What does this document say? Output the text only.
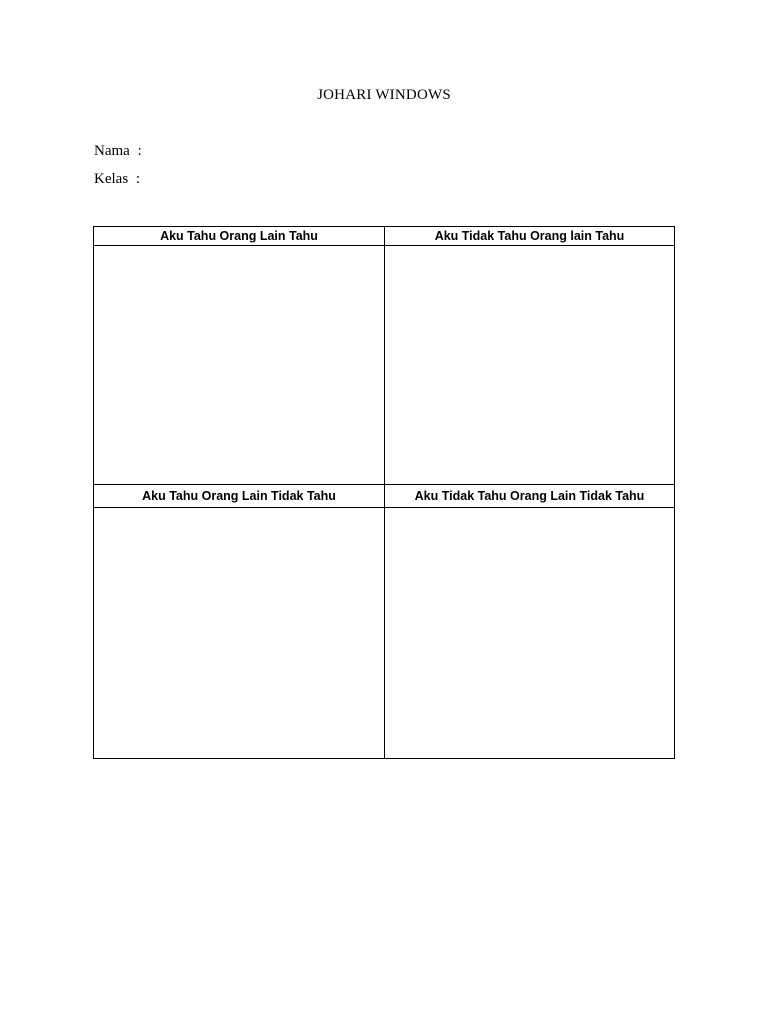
JOHARI WINDOWS
Nama :
Kelas :
Aku Tahu Orang Lain Tahu	Aku Tidak Tahu Orang lain Tahu
Aku Tahu Orang Lain Tidak Tahu	Aku Tidak Tahu Orang Lain Tidak Tahu
